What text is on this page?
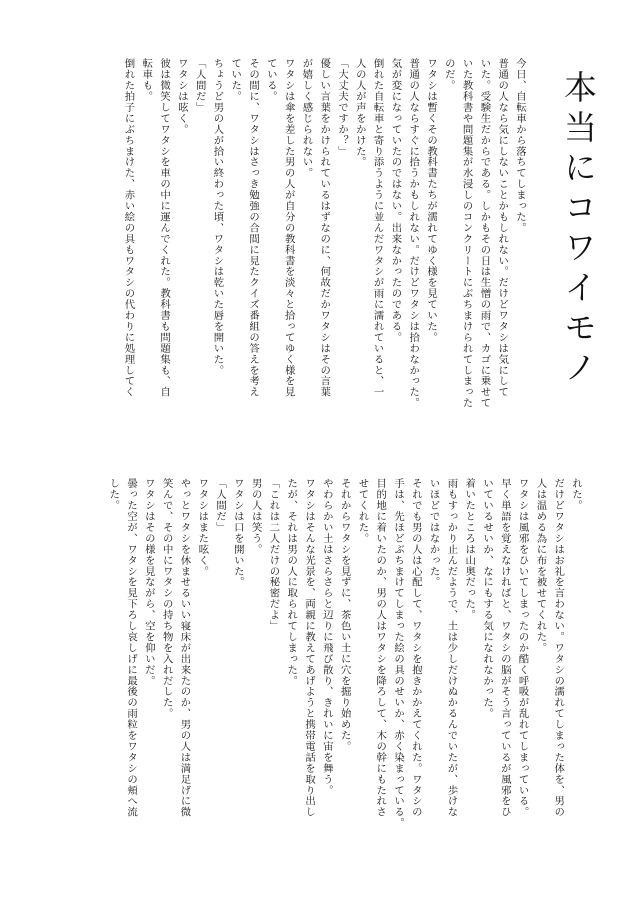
本当にコワイモノ
今日、自転車から落ちてしまった。
普通の人なら気にしないことかもしれない。だけどワタシは気にして
いた。受験生だからである。しかもその日は生憎の雨で、カゴに乗せて
いた教科書や問題集が水浸しのコンクリートにぶちまけられてしまった
のだ。
ワタシは暫くその教科書たちが濡れてゆく様を見ていた。
普通の人ならすぐに拾うかもしれない。だけどワタシは拾わなかった。
気が変になっていたのではない。出来なかったのである。
倒れた自転車と寄り添うように並んだワタシが雨に濡れていると、一
人の人が声をかけた。
「大丈夫ですか？」
優しい言葉をかけられているはずなのに、何故だかワタシはその言葉
が嬉しく感じられない。
ワタシは傘を差した男の人が自分の教科書を淡々と拾ってゆく様を見
ている。
その間に、ワタシはさっき勉強の合間に見たクイズ番組の答えを考え
ていた。
ちょうど男の人が拾い終わった頃、ワタシは乾いた唇を開いた。
「人間だ」
ワタシは呟く。
彼は微笑してワタシを車の中に運んでくれた。教科書も問題集も、自
転車も。
倒れた拍子にぶちまけた、赤い絵の具もワタシの代わりに処理してく
れた。
だけどワタシはお礼を言わない。ワタシの濡れてしまった体を、男の
人は温める為に布を被せてくれた。
ワタシは風邪をひいてしまったのか酷く呼吸が乱れてしまっている。
早く単語を覚えなければと、ワタシの脳がそう言っているが風邪をひ
いているせいか、なにもする気になれなかった。
着いたところは山奥だった。
雨もすっかり止んだようで、土は少しだけぬかるんでいたが、歩けな
いほどではなかった。
それでも男の人は心配して、ワタシを抱きかかえてくれた。ワタシの
手は、先ほどぶちまけてしまった絵の具のせいか、赤く染まっている。
目的地に着いたのか、男の人はワタシを降ろして、木の幹にもたれさ
せてくれた。
それからワタシを見ずに、茶色い土に穴を掘り始めた。
やわらかい土はさらさらと辺りに飛び散り、きれいに宙を舞う。
ワタシはそんな光景を、両親に教えてあげようと携帯電話を取り出し
たが、それは男の人に取られてしまった。
「これは二人だけの秘密だよ」
男の人は笑う。
ワタシは口を開いた。
「人間だ」
ワタシはまた呟く。
やっとワタシを休ませるいい寝床が出来たのか、男の人は満足げに微
笑んで、その中にワタシの持ち物を入れだした。
ワタシはその様を見ながら、空を仰いだ。
曇った空が、ワタシを見下ろし哀しげに最後の雨粒をワタシの頬へ流
した。
